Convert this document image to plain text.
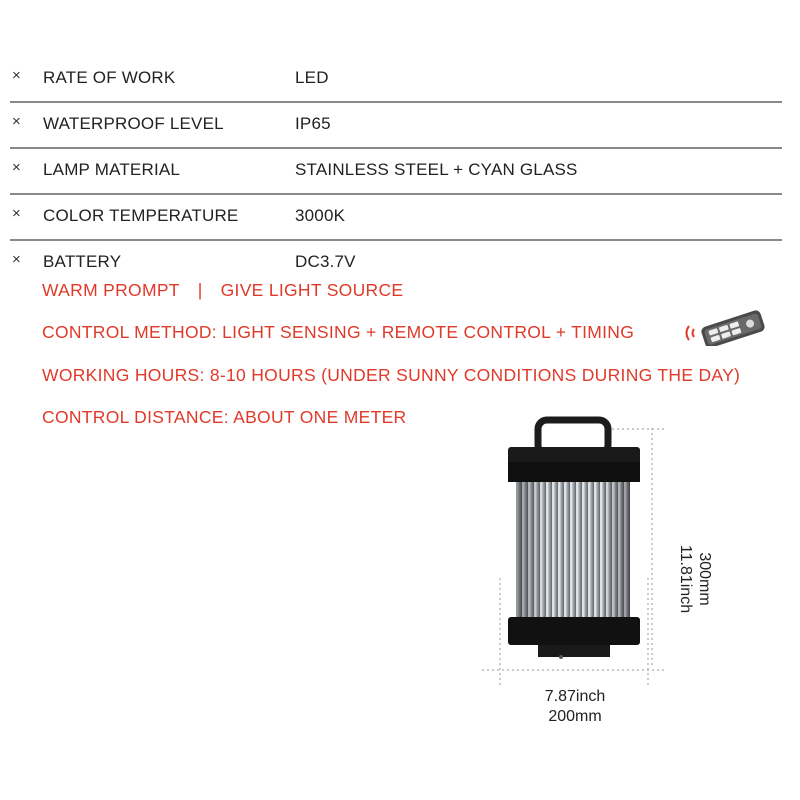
× RATE OF WORK	LED
× WATERPROOF LEVEL	IP65
× LAMP MATERIAL	STAINLESS STEEL + CYAN GLASS
× COLOR TEMPERATURE	3000K
× BATTERY	DC3.7V
WARM PROMPT | GIVE LIGHT SOURCE
CONTROL METHOD: LIGHT SENSING + REMOTE CONTROL + TIMING
WORKING HOURS: 8-10 HOURS (UNDER SUNNY CONDITIONS DURING THE DAY)
CONTROL DISTANCE: ABOUT ONE METER
300mm
11.81inch
7.87inch
200mm
